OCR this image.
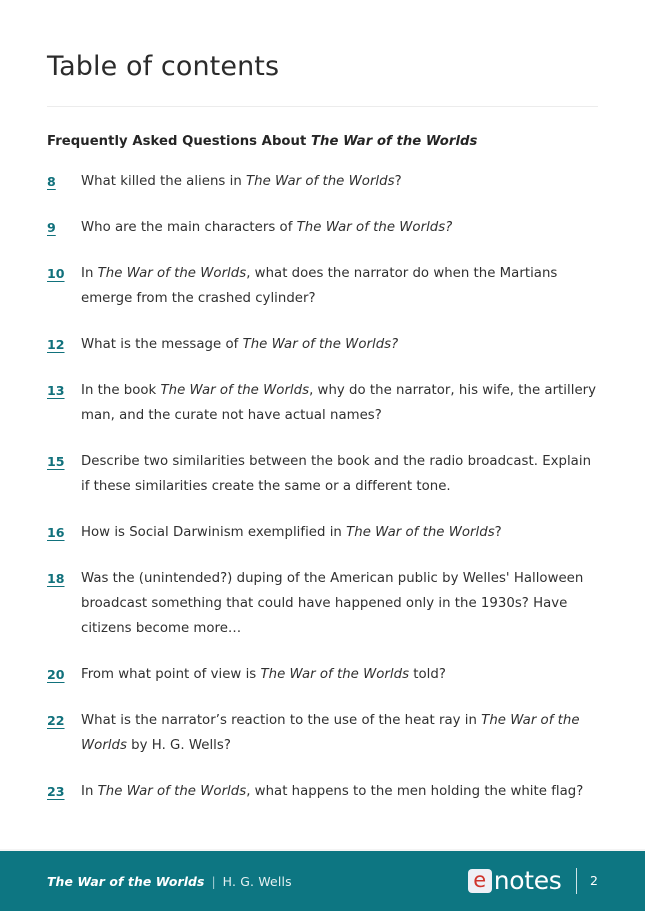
Table of contents
Frequently Asked Questions About The War of the Worlds
8	What killed the aliens in The War of the Worlds?
9	Who are the main characters of The War of the Worlds?
10	In The War of the Worlds, what does the narrator do when the Martians emerge from the crashed cylinder?
12	What is the message of The War of the Worlds?
13	In the book The War of the Worlds, why do the narrator, his wife, the artillery man, and the curate not have actual names?
15	Describe two similarities between the book and the radio broadcast. Explain if these similarities create the same or a different tone.
16	How is Social Darwinism exemplified in The War of the Worlds?
18	Was the (unintended?) duping of the American public by Welles' Halloween broadcast something that could have happened only in the 1930s? Have citizens become more…
20	From what point of view is The War of the Worlds told?
22	What is the narrator’s reaction to the use of the heat ray in The War of the Worlds by H. G. Wells?
23	In The War of the Worlds, what happens to the men holding the white flag?
The War of the Worlds | H. G. Wells	e notes 2
